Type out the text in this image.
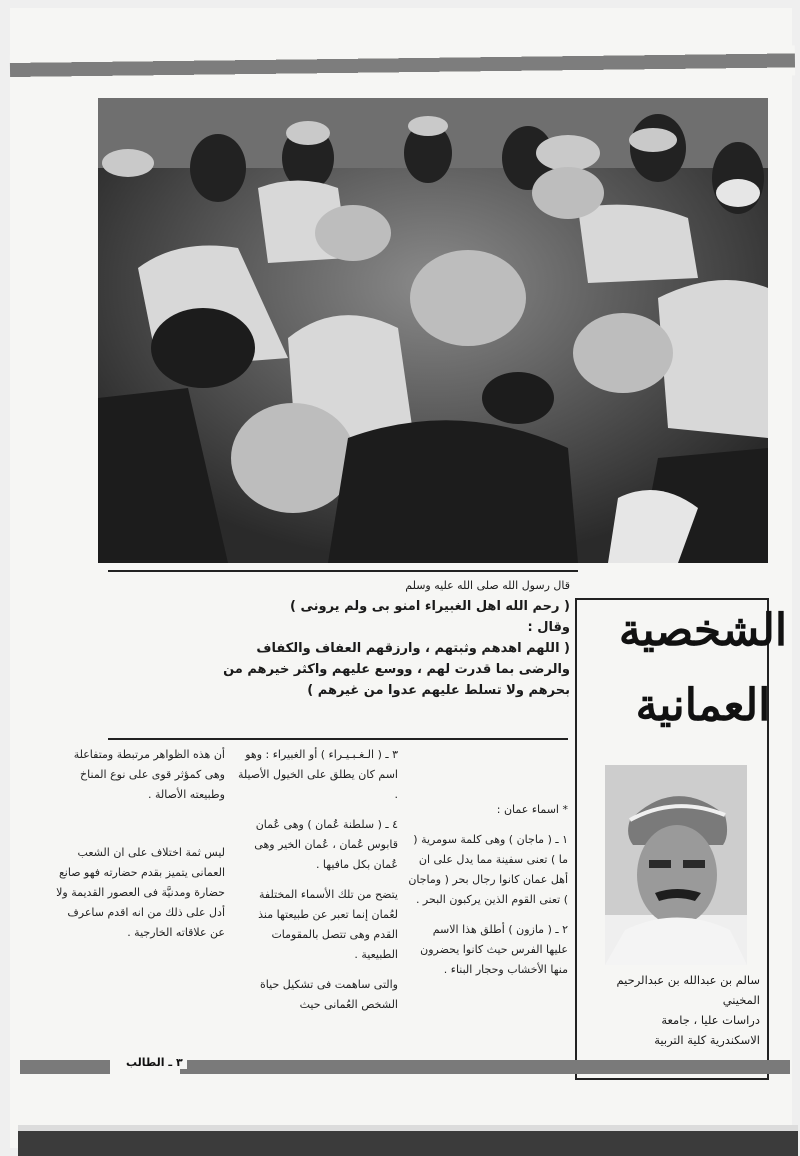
قال رسول الله صلى الله عليه وسلم
( رحم الله اهل الغبيراء امنو بى ولم يرونى )
وقال :
( اللهم اهدهم وثبتهم ، وارزقهم العفاف والكفاف
والرضى بما قدرت لهم ، ووسع عليهم واكثر خيرهم من
بحرهم ولا تسلط عليهم عدوا من غيرهم )
الشخصية
العمانية
سالم بن عبدالله بن عبدالرحيم
المخيني
دراسات عليا ، جامعة
الاسكندرية كلية التربية

* اسماء عمان :

١ ـ ( ماجان ) وهى كلمة سومرية ( ما ) تعنى سفينة مما يدل على ان أهل عمان كانوا رجال بحر ( وماجان ) تعنى القوم الذين يركبون البحر .

٢ ـ ( مازون ) أطلق هذا الاسم عليها الفرس حيث كانوا يحضرون منها الأخشاب وحجار البناء .

٣ ـ ( الـغـبـيـراء ) أو الغبيراء : وهو اسم كان يطلق على الخيول الأصيلة .

٤ ـ ( سلطنة عُمان ) وهى عُمان قابوس عُمان ، عُمان الخير وهى عُمان بكل مافيها .

يتضح من تلك الأسماء المختلفة لعُمان إنما تعبر عن طبيعتها منذ القدم وهى تتصل بالمقومات الطبيعية .

والتى ساهمت فى تشكيل حياة الشخص العُمانى حيث

أن هذه الظواهر مرتبطة ومتفاعلة وهى كمؤثر قوى على نوع المناخ وطبيعته الأصالة .

ليس ثمة اختلاف على ان الشعب العمانى يتميز بقدم حضارته فهو صانع حضارة ومدنيَّة فى العصور القديمة ولا أدل على ذلك من انه اقدم ساعرف عن علاقاته الخارجية .

٣ ـ الطالب
